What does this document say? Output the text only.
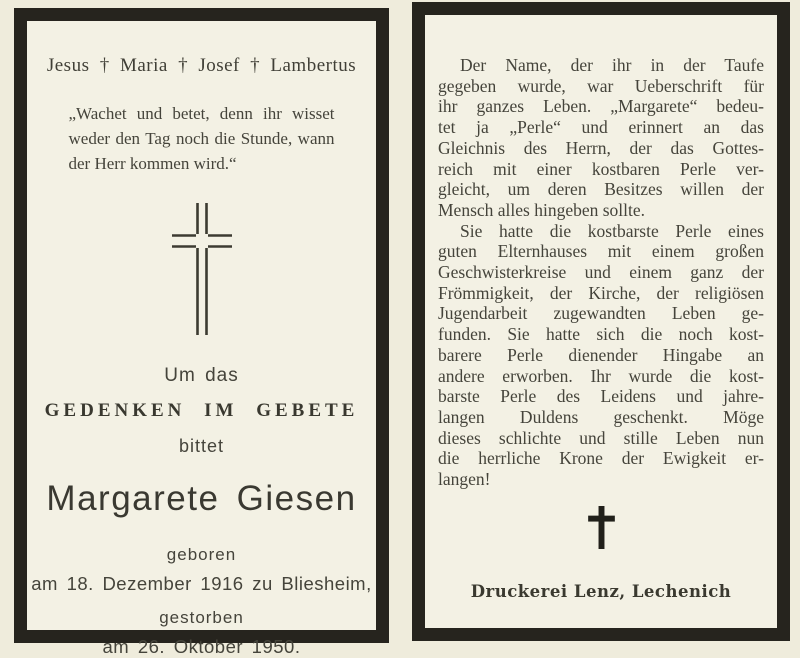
Jesus † Maria † Josef † Lambertus
„Wachet und betet, denn ihr wisset
weder den Tag noch die Stunde, wann
der Herr kommen wird.“
Um das
GEDENKEN IM GEBETE
bittet
Margarete Giesen
geboren
am 18. Dezember 1916 zu Bliesheim,
gestorben
am 26. Oktober 1950.
Der Name, der ihr in der Taufe
gegeben wurde, war Ueberschrift für
ihr ganzes Leben. „Margarete“ bedeu-
tet ja „Perle“ und erinnert an das
Gleichnis des Herrn, der das Gottes-
reich mit einer kostbaren Perle ver-
gleicht, um deren Besitzes willen der
Mensch alles hingeben sollte.
Sie hatte die kostbarste Perle eines
guten Elternhauses mit einem großen
Geschwisterkreise und einem ganz der
Frömmigkeit, der Kirche, der religiösen
Jugendarbeit zugewandten Leben ge-
funden. Sie hatte sich die noch kost-
barere Perle dienender Hingabe an
andere erworben. Ihr wurde die kost-
barste Perle des Leidens und jahre-
langen Duldens geschenkt. Möge
dieses schlichte und stille Leben nun
die herrliche Krone der Ewigkeit er-
langen!
Druckerei Lenz, Lechenich
